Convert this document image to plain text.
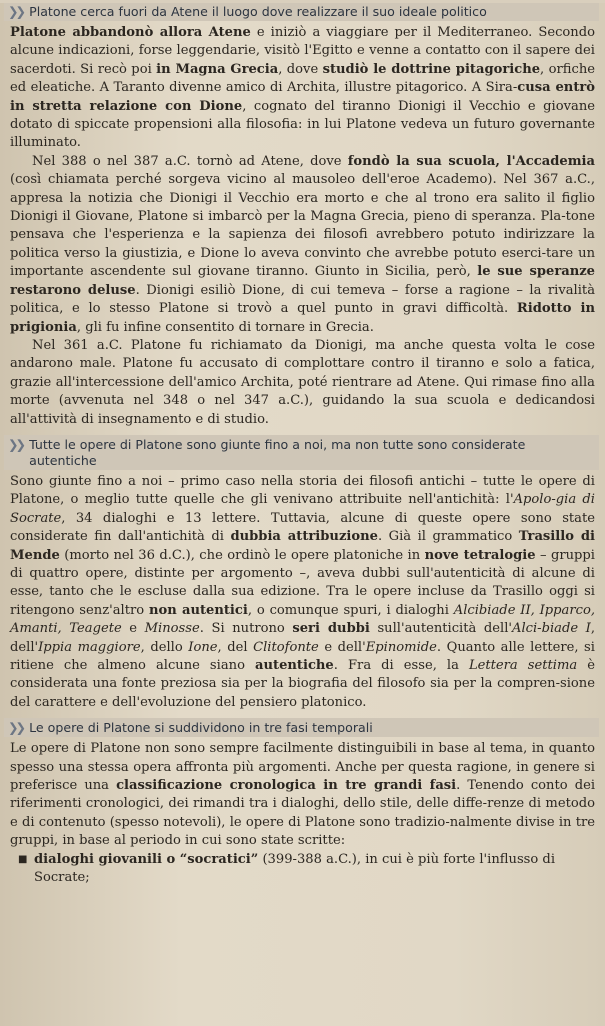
❯❯ Platone cerca fuori da Atene il luogo dove realizzare il suo ideale politico

Platone abbandonò allora Atene e iniziò a viaggiare per il Mediterraneo. Secondo alcune indicazioni, forse leggendarie, visitò l'Egitto e venne a contatto con il sapere dei sacerdoti. Si recò poi in Magna Grecia, dove studiò le dottrine pitagoriche, orfiche ed eleatiche. A Taranto divenne amico di Archita, illustre pitagorico. A Sira-cusa entrò in stretta relazione con Dione, cognato del tiranno Dionigi il Vecchio e giovane dotato di spiccate propensioni alla filosofia: in lui Platone vedeva un futuro governante illuminato.

Nel 388 o nel 387 a.C. tornò ad Atene, dove fondò la sua scuola, l'Accademia (così chiamata perché sorgeva vicino al mausoleo dell'eroe Academo). Nel 367 a.C., appresa la notizia che Dionigi il Vecchio era morto e che al trono era salito il figlio Dionigi il Giovane, Platone si imbarcò per la Magna Grecia, pieno di speranza. Pla-tone pensava che l'esperienza e la sapienza dei filosofi avrebbero potuto indirizzare la politica verso la giustizia, e Dione lo aveva convinto che avrebbe potuto eserci-tare un importante ascendente sul giovane tiranno. Giunto in Sicilia, però, le sue speranze restarono deluse. Dionigi esiliò Dione, di cui temeva – forse a ragione – la rivalità politica, e lo stesso Platone si trovò a quel punto in gravi difficoltà. Ridotto in prigionia, gli fu infine consentito di tornare in Grecia.

Nel 361 a.C. Platone fu richiamato da Dionigi, ma anche questa volta le cose andarono male. Platone fu accusato di complottare contro il tiranno e solo a fatica, grazie all'intercessione dell'amico Archita, poté rientrare ad Atene. Qui rimase fino alla morte (avvenuta nel 348 o nel 347 a.C.), guidando la sua scuola e dedicandosi all'attività di insegnamento e di studio.

❯❯ Tutte le opere di Platone sono giunte fino a noi, ma non tutte sono considerate autentiche

Sono giunte fino a noi – primo caso nella storia dei filosofi antichi – tutte le opere di Platone, o meglio tutte quelle che gli venivano attribuite nell'antichità: l'Apolo-gia di Socrate, 34 dialoghi e 13 lettere. Tuttavia, alcune di queste opere sono state considerate fin dall'antichità di dubbia attribuzione. Già il grammatico Trasillo di Mende (morto nel 36 d.C.), che ordinò le opere platoniche in nove tetralogie – gruppi di quattro opere, distinte per argomento –, aveva dubbi sull'autenticità di alcune di esse, tanto che le escluse dalla sua edizione. Tra le opere incluse da Trasillo oggi si ritengono senz'altro non autentici, o comunque spuri, i dialoghi Alcibiade II, Ipparco, Amanti, Teagete e Minosse. Si nutrono seri dubbi sull'autenticità dell'Alci-biade I, dell'Ippia maggiore, dello Ione, del Clitofonte e dell'Epinomide. Quanto alle lettere, si ritiene che almeno alcune siano autentiche. Fra di esse, la Lettera settima è considerata una fonte preziosa sia per la biografia del filosofo sia per la compren-sione del carattere e dell'evoluzione del pensiero platonico.

❯❯ Le opere di Platone si suddividono in tre fasi temporali

Le opere di Platone non sono sempre facilmente distinguibili in base al tema, in quanto spesso una stessa opera affronta più argomenti. Anche per questa ragione, in genere si preferisce una classificazione cronologica in tre grandi fasi. Tenendo conto dei riferimenti cronologici, dei rimandi tra i dialoghi, dello stile, delle diffe-renze di metodo e di contenuto (spesso notevoli), le opere di Platone sono tradizio-nalmente divise in tre gruppi, in base al periodo in cui sono state scritte:

■ dialoghi giovanili o “socratici” (399-388 a.C.), in cui è più forte l'influsso di Socrate;
